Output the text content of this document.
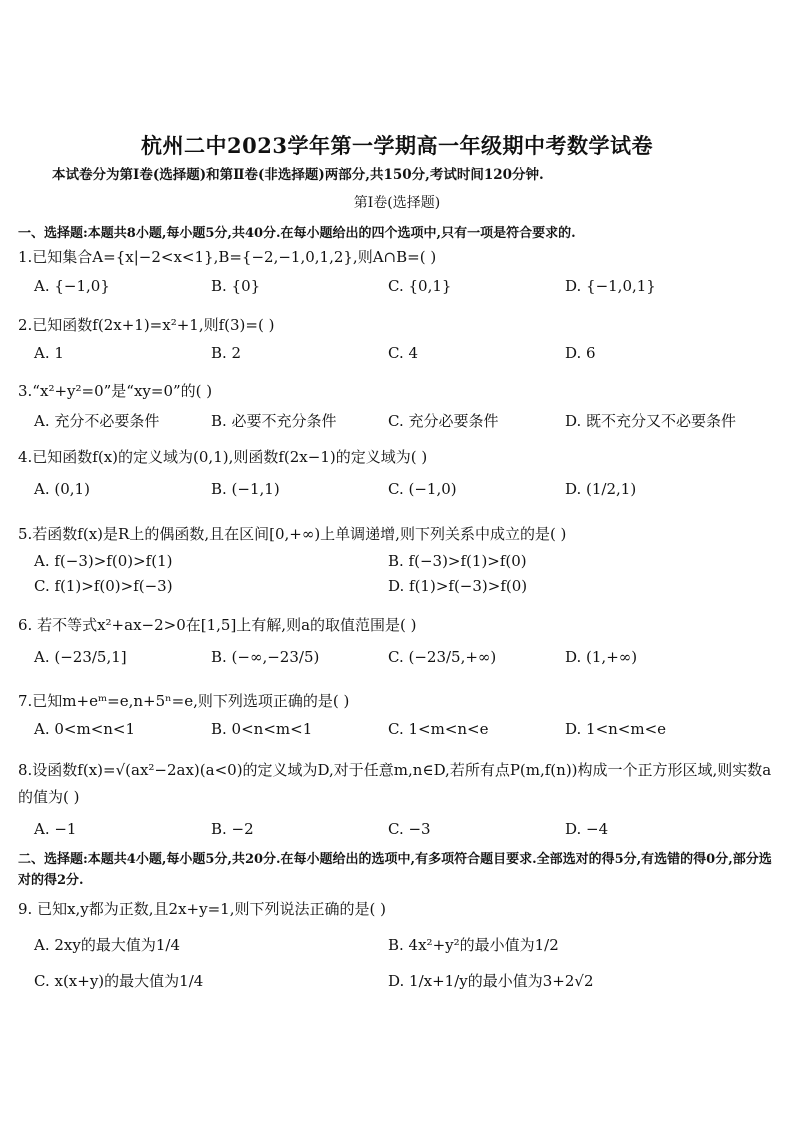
杭州二中2023学年第一学期高一年级期中考数学试卷
本试卷分为第Ⅰ卷(选择题)和第Ⅱ卷(非选择题)两部分,共150分,考试时间120分钟.
第Ⅰ卷(选择题)
一、选择题:本题共8小题,每小题5分,共40分.在每小题给出的四个选项中,只有一项是符合要求的.
1.已知集合A={x|−2<x<1},B={−2,−1,0,1,2},则A∩B=( )
A. {−1,0}	B. {0}	C. {0,1}	D. {−1,0,1}
2.已知函数f(2x+1)=x²+1,则f(3)=( )
A. 1	B. 2	C. 4	D. 6
3.“x²+y²=0”是“xy=0”的( )
A. 充分不必要条件	B. 必要不充分条件	C. 充分必要条件	D. 既不充分又不必要条件
4.已知函数f(x)的定义域为(0,1),则函数f(2x−1)的定义域为( )
A. (0,1)	B. (−1,1)	C. (−1,0)	D. (1/2,1)
5.若函数f(x)是R上的偶函数,且在区间[0,+∞)上单调递增,则下列关系中成立的是( )
A. f(−3)>f(0)>f(1)	B. f(−3)>f(1)>f(0)
C. f(1)>f(0)>f(−3)	D. f(1)>f(−3)>f(0)
6. 若不等式x²+ax−2>0在[1,5]上有解,则a的取值范围是( )
A. (−23/5,1]	B. (−∞,−23/5)	C. (−23/5,+∞)	D. (1,+∞)
7.已知m+eᵐ=e,n+5ⁿ=e,则下列选项正确的是( )
A. 0<m<n<1	B. 0<n<m<1	C. 1<m<n<e	D. 1<n<m<e
8.设函数f(x)=√(ax²−2ax)(a<0)的定义域为D,对于任意m,n∈D,若所有点P(m,f(n))构成一个正方形区域,则实数a的值为( )
A. −1	B. −2	C. −3	D. −4
二、选择题:本题共4小题,每小题5分,共20分.在每小题给出的选项中,有多项符合题目要求.全部选对的得5分,有选错的得0分,部分选对的得2分.
9. 已知x,y都为正数,且2x+y=1,则下列说法正确的是( )
A. 2xy的最大值为1/4	B. 4x²+y²的最小值为1/2
C. x(x+y)的最大值为1/4	D. 1/x+1/y的最小值为3+2√2
